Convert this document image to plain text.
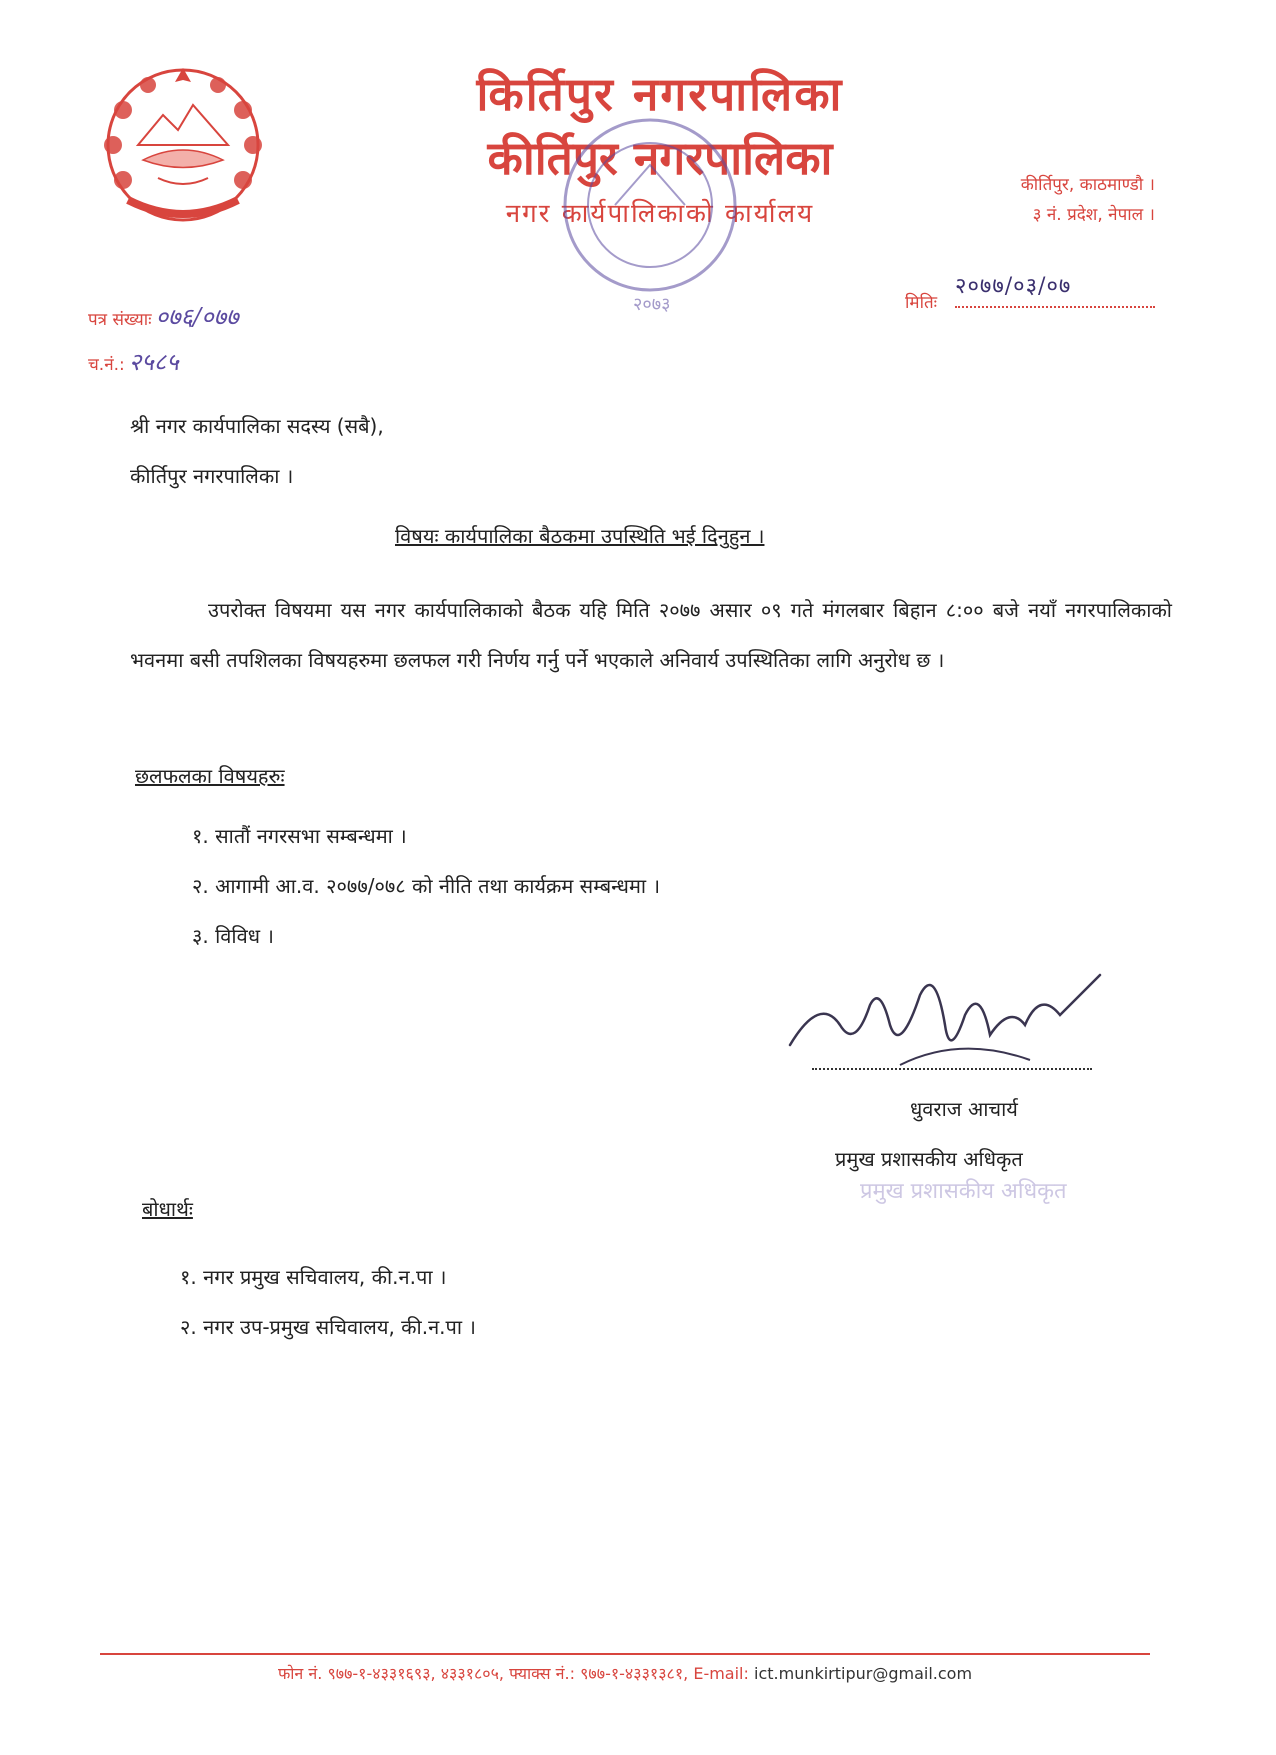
किर्तिपुर नगरपालिका
कीर्तिपुर नगरपालिका
नगर कार्यपालिकाको कार्यालय
२०७३
कीर्तिपुर, काठमाण्डौ ।
३ नं. प्रदेश, नेपाल ।
पत्र संख्याः ०७६/०७७
च.नं.: २५८५
२०७७/०३/०७
मितिः
श्री नगर कार्यपालिका सदस्य (सबै),
कीर्तिपुर नगरपालिका ।
विषयः कार्यपालिका बैठकमा उपस्थिति भई दिनुहुन ।
उपरोक्त विषयमा यस नगर कार्यपालिकाको बैठक यहि मिति २०७७ असार ०९ गते मंगलबार बिहान ८:०० बजे नयाँ नगरपालिकाको भवनमा बसी तपशिलका विषयहरुमा छलफल गरी निर्णय गर्नु पर्ने भएकाले अनिवार्य उपस्थितिका लागि अनुरोध छ ।
छलफलका विषयहरुः
१. सातौं नगरसभा सम्बन्धमा ।
२. आगामी आ.व. २०७७/०७८ को नीति तथा कार्यक्रम सम्बन्धमा ।
३. विविध ।
धुवराज आचार्य
प्रमुख प्रशासकीय अधिकृत
प्रमुख प्रशासकीय अधिकृत
बोधार्थः
१. नगर प्रमुख सचिवालय, की.न.पा ।
२. नगर उप-प्रमुख सचिवालय, की.न.पा ।
फोन नं. ९७७-१-४३३१६९३, ४३३१८०५, फ्याक्स नं.: ९७७-१-४३३१३८१, E-mail: ict.munkirtipur@gmail.com
